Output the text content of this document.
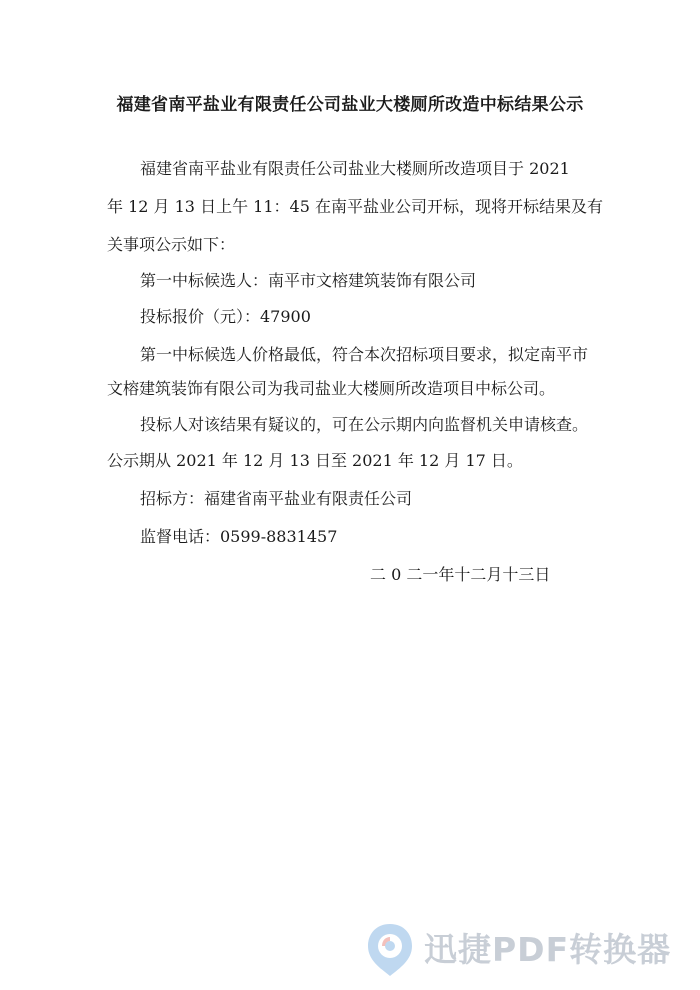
福建省南平盐业有限责任公司盐业大楼厕所改造中标结果公示
福建省南平盐业有限责任公司盐业大楼厕所改造项目于 2021
年 12 月 13 日上午 11：45 在南平盐业公司开标，现将开标结果及有
关事项公示如下：
第一中标候选人：南平市文榕建筑装饰有限公司
投标报价（元）：47900
第一中标候选人价格最低，符合本次招标项目要求，拟定南平市
文榕建筑装饰有限公司为我司盐业大楼厕所改造项目中标公司。
投标人对该结果有疑议的，可在公示期内向监督机关申请核查。
公示期从 2021 年 12 月 13 日至 2021 年 12 月 17 日。
招标方：福建省南平盐业有限责任公司
监督电话：0599-8831457
二 0 二一年十二月十三日
迅捷PDF转换器
